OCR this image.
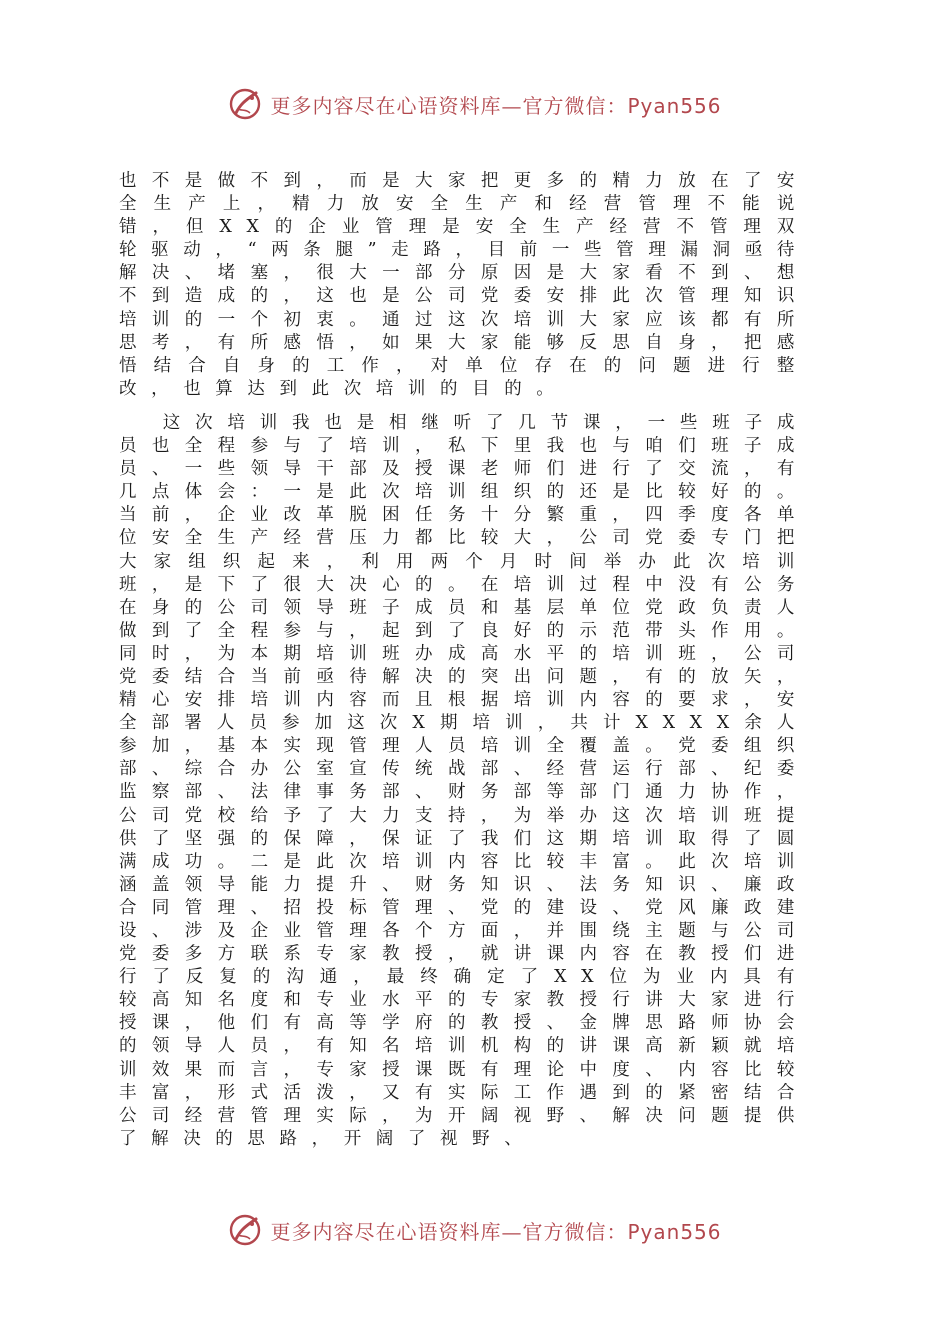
更多内容尽在心语资料库—官方微信：Pyan556

也不是做不到，而是大家把更多的精力放在了安全生产上，精力放安全生产和经营管理不能说错，但XX的企业管理是安全生产经营不管理双轮驱动，“两条腿”走路，目前一些管理漏洞亟待解决、堵塞，很大一部分原因是大家看不到、想不到造成的，这也是公司党委安排此次管理知识培训的一个初衷。通过这次培训大家应该都有所思考，有所感悟，如果大家能够反思自身，把感悟结合自身的工作，对单位存在的问题进行整改，也算达到此次培训的目的。

这次培训我也是相继听了几节课，一些班子成员也全程参与了培训，私下里我也与咱们班子成员、一些领导干部及授课老师们进行了交流，有几点体会：一是此次培训组织的还是比较好的。当前，企业改革脱困任务十分繁重，四季度各单位安全生产经营压力都比较大，公司党委专门把大家组织起来，利用两个月时间举办此次培训班，是下了很大决心的。在培训过程中没有公务在身的公司领导班子成员和基层单位党政负责人做到了全程参与，起到了良好的示范带头作用。同时，为本期培训班办成高水平的培训班，公司党委结合当前亟待解决的突出问题，有的放矢，精心安排培训内容而且根据培训内容的要求，安全部署人员参加这次X期培训，共计XXXX余人参加，基本实现管理人员培训全覆盖。党委组织部、综合办公室宣传统战部、经营运行部、纪委监察部、法律事务部、财务部等部门通力协作，公司党校给予了大力支持，为举办这次培训班提供了坚强的保障，保证了我们这期培训取得了圆满成功。二是此次培训内容比较丰富。此次培训涵盖领导能力提升、财务知识、法务知识、廉政合同管理、招投标管理、党的建设、党风廉政建设、涉及企业管理各个方面，并围绕主题与公司党委多方联系专家教授，就讲课内容在教授们进行了反复的沟通，最终确定了XX位为业内具有较高知名度和专业水平的专家教授行讲大家进行授课，他们有高等学府的教授、金牌思路师协会的领导人员，有知名培训机构的讲课高新颖就培训效果而言，专家授课既有理论中度、内容比较丰富，形式活泼，又有实际工作遇到的紧密结合公司经营管理实际，为开阔视野、解决问题提供了解决的思路，开阔了视野、

更多内容尽在心语资料库—官方微信：Pyan556
